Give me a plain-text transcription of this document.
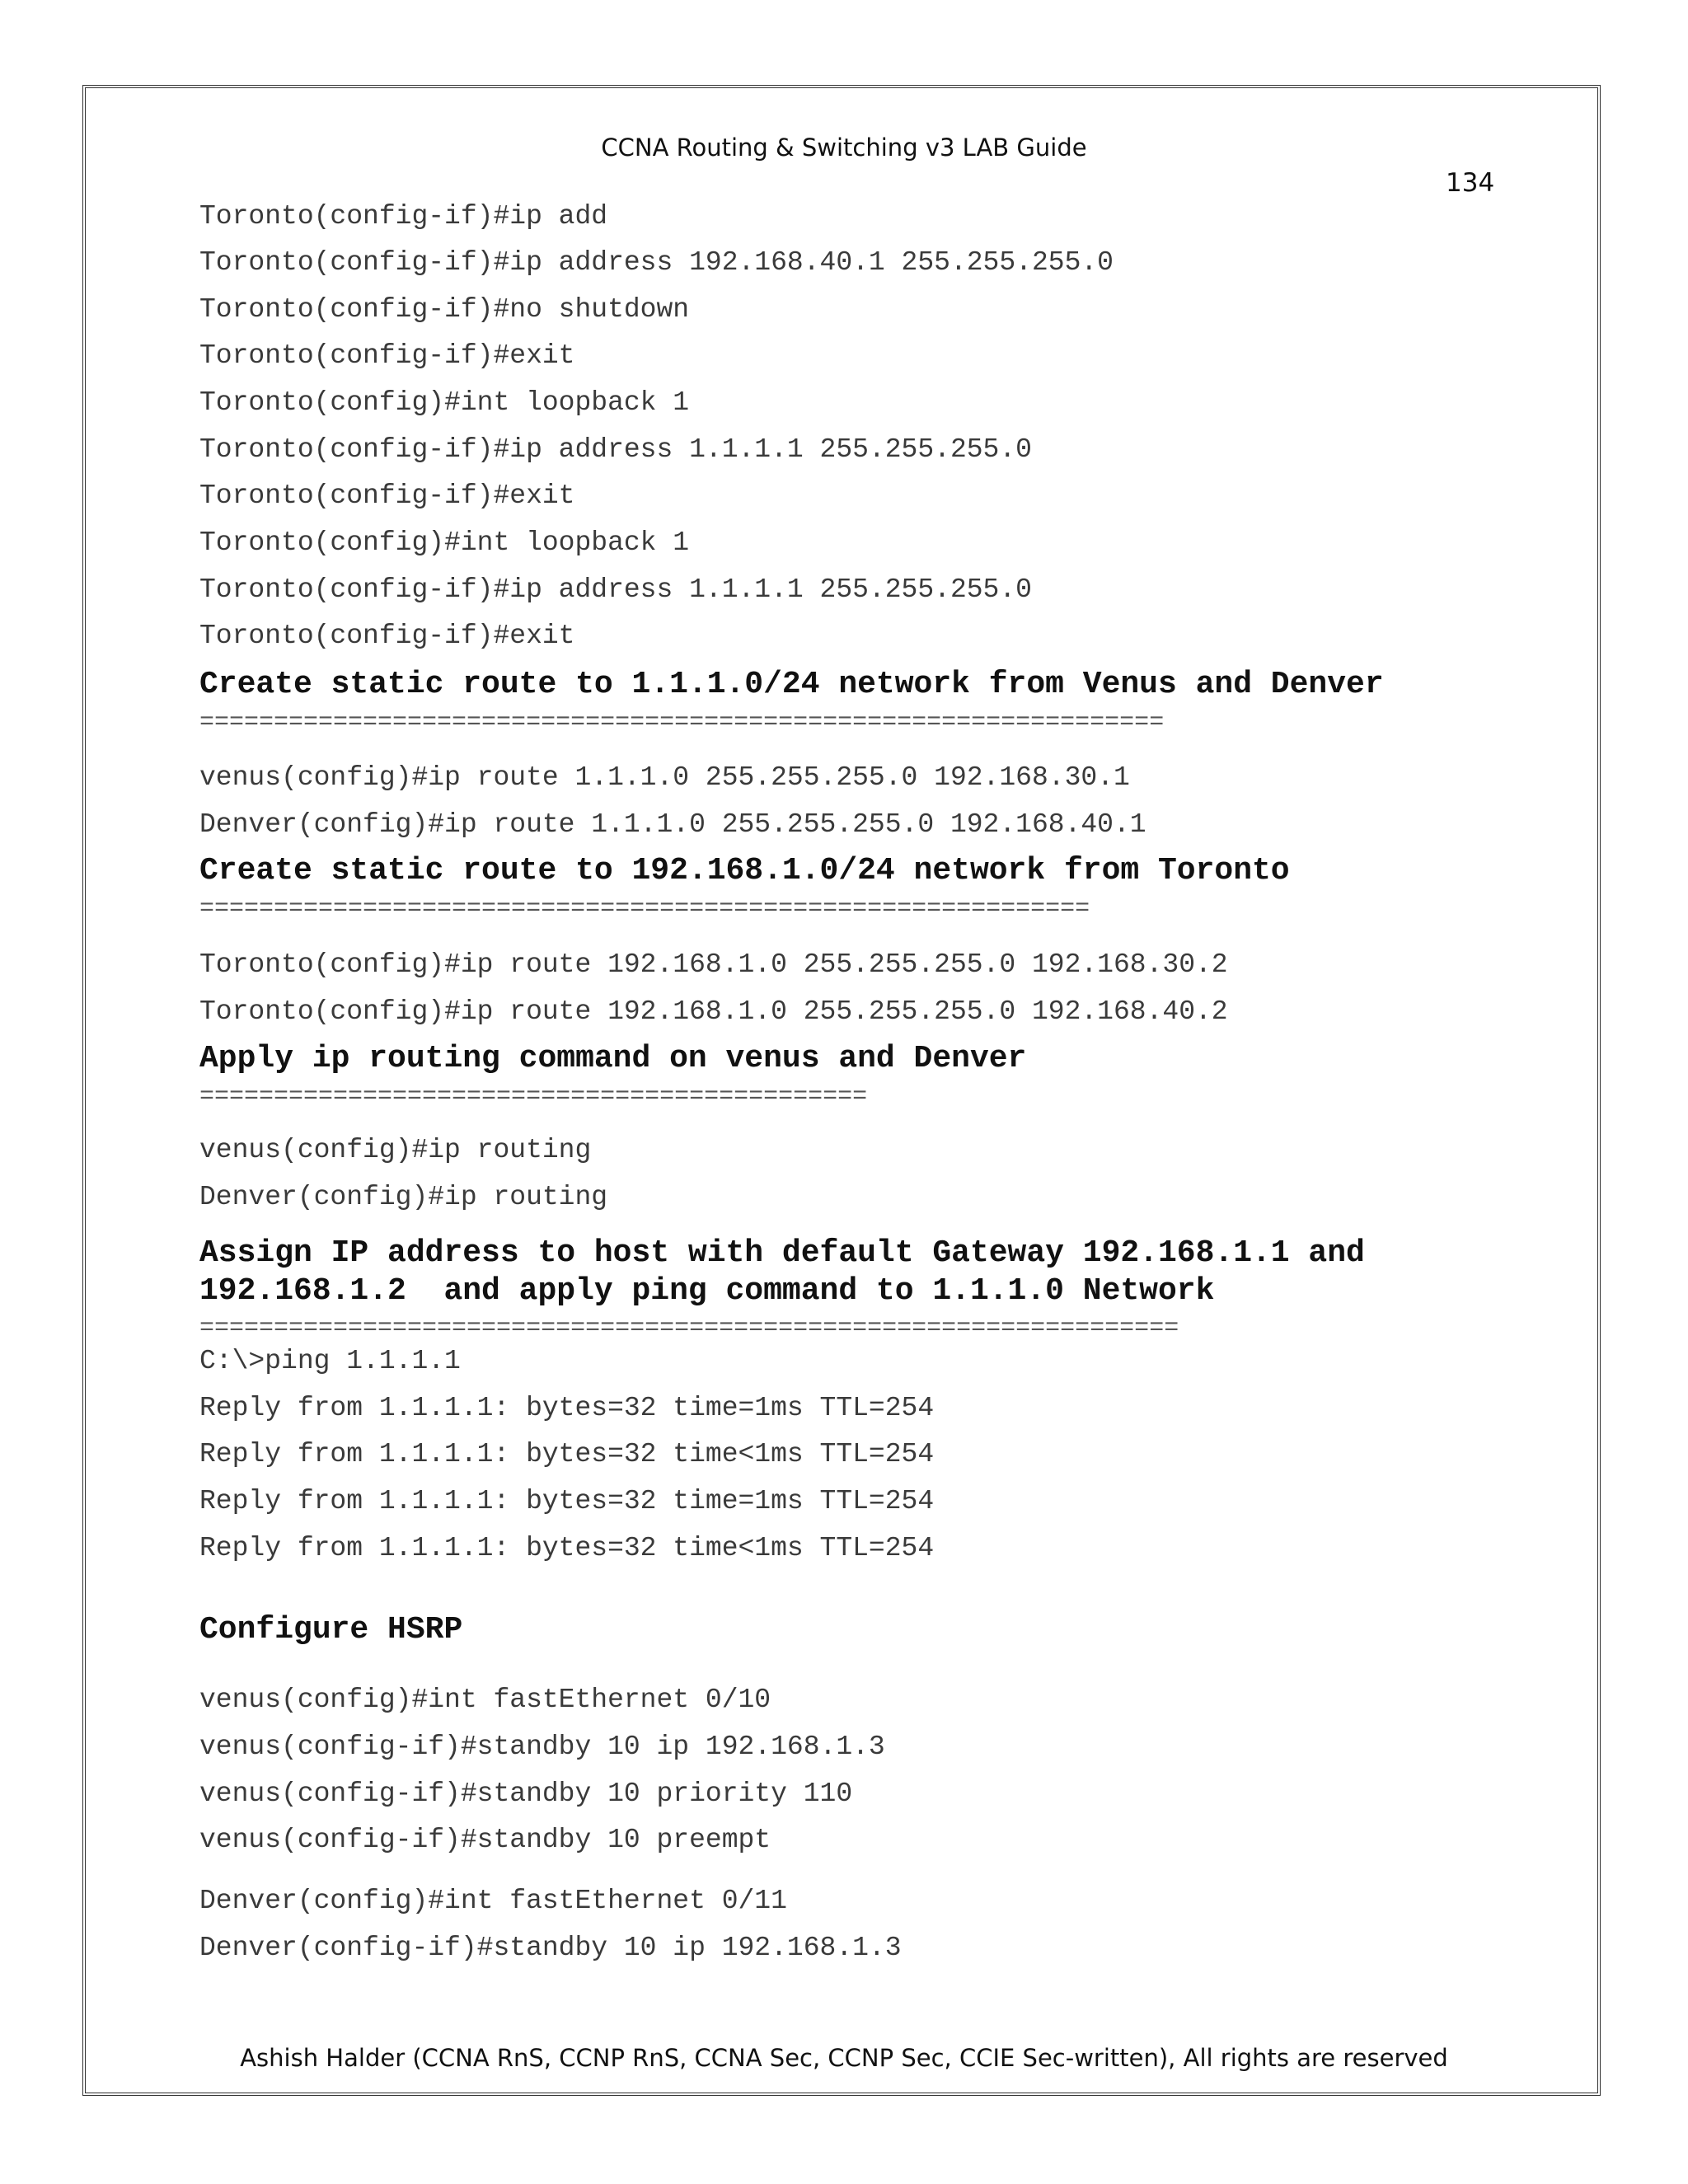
CCNA Routing & Switching v3 LAB Guide
134
Toronto(config-if)#ip add
Toronto(config-if)#ip address 192.168.40.1 255.255.255.0
Toronto(config-if)#no shutdown
Toronto(config-if)#exit
Toronto(config)#int loopback 1
Toronto(config-if)#ip address 1.1.1.1 255.255.255.0
Toronto(config-if)#exit
Toronto(config)#int loopback 1
Toronto(config-if)#ip address 1.1.1.1 255.255.255.0
Toronto(config-if)#exit
Create static route to 1.1.1.0/24 network from Venus and Denver
=================================================================
venus(config)#ip route 1.1.1.0 255.255.255.0 192.168.30.1
Denver(config)#ip route 1.1.1.0 255.255.255.0 192.168.40.1
Create static route to 192.168.1.0/24 network from Toronto
============================================================
Toronto(config)#ip route 192.168.1.0 255.255.255.0 192.168.30.2
Toronto(config)#ip route 192.168.1.0 255.255.255.0 192.168.40.2
Apply ip routing command on venus and Denver
=============================================
venus(config)#ip routing
Denver(config)#ip routing
Assign IP address to host with default Gateway 192.168.1.1 and
192.168.1.2  and apply ping command to 1.1.1.0 Network
==================================================================
C:\>ping 1.1.1.1
Reply from 1.1.1.1: bytes=32 time=1ms TTL=254
Reply from 1.1.1.1: bytes=32 time<1ms TTL=254
Reply from 1.1.1.1: bytes=32 time=1ms TTL=254
Reply from 1.1.1.1: bytes=32 time<1ms TTL=254
Configure HSRP
venus(config)#int fastEthernet 0/10
venus(config-if)#standby 10 ip 192.168.1.3
venus(config-if)#standby 10 priority 110
venus(config-if)#standby 10 preempt
Denver(config)#int fastEthernet 0/11
Denver(config-if)#standby 10 ip 192.168.1.3
Ashish Halder (CCNA RnS, CCNP RnS, CCNA Sec, CCNP Sec, CCIE Sec-written), All rights are reserved
